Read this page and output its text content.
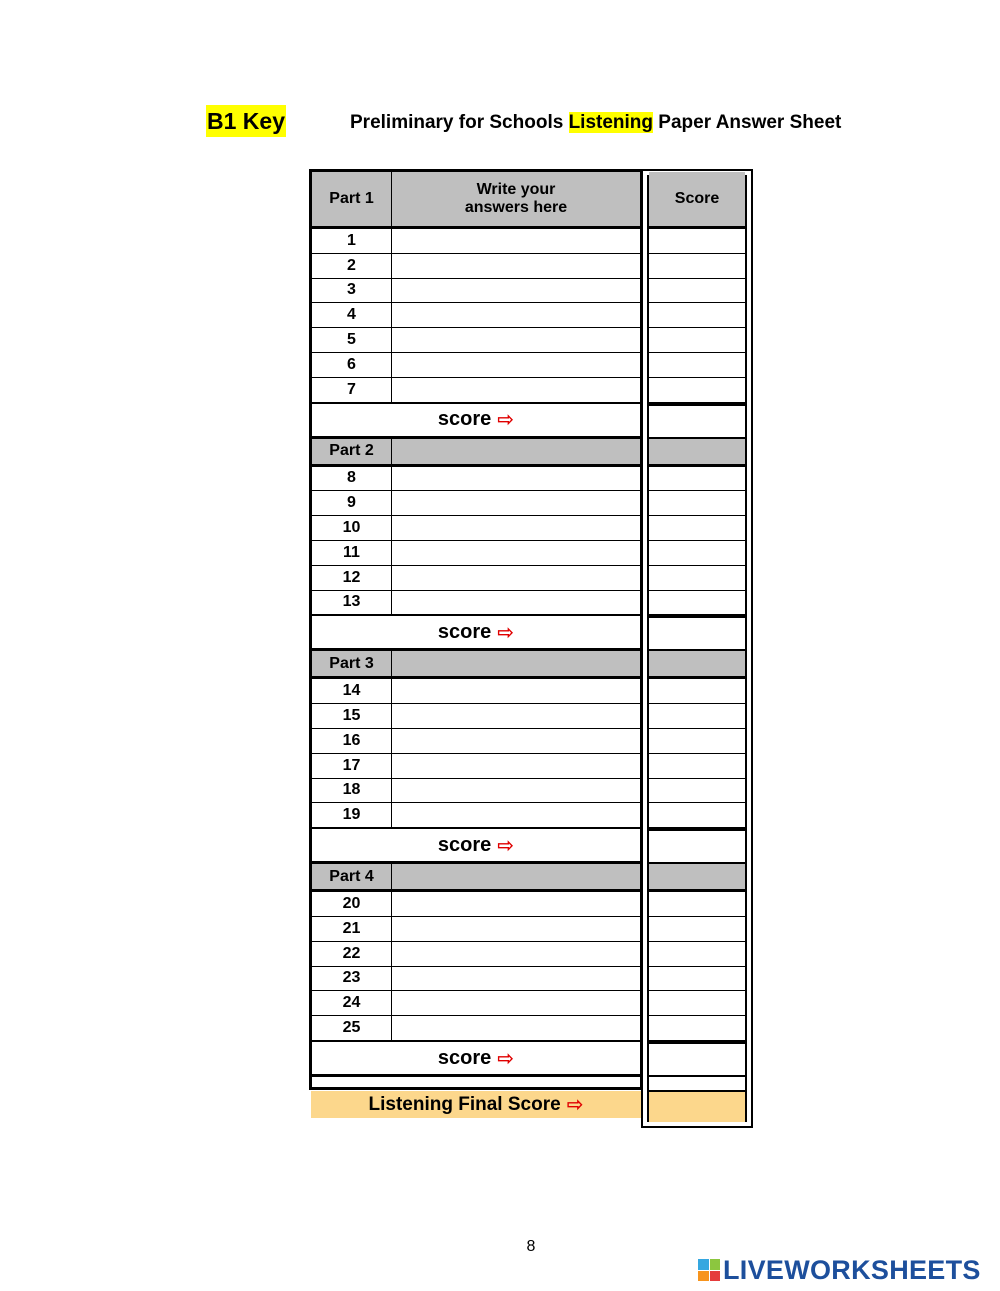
B1 Key	Preliminary for Schools Listening Paper Answer Sheet
Part 1
Write your
answers here
1
2
3
4
5
6
7
score ⇨
Part 2
8
9
10
11
12
13
score ⇨
Part 3
14
15
16
17
18
19
score ⇨
Part 4
20
21
22
23
24
25
score ⇨
Score
Listening Final Score ⇨
8
LIVEWORKSHEETS
